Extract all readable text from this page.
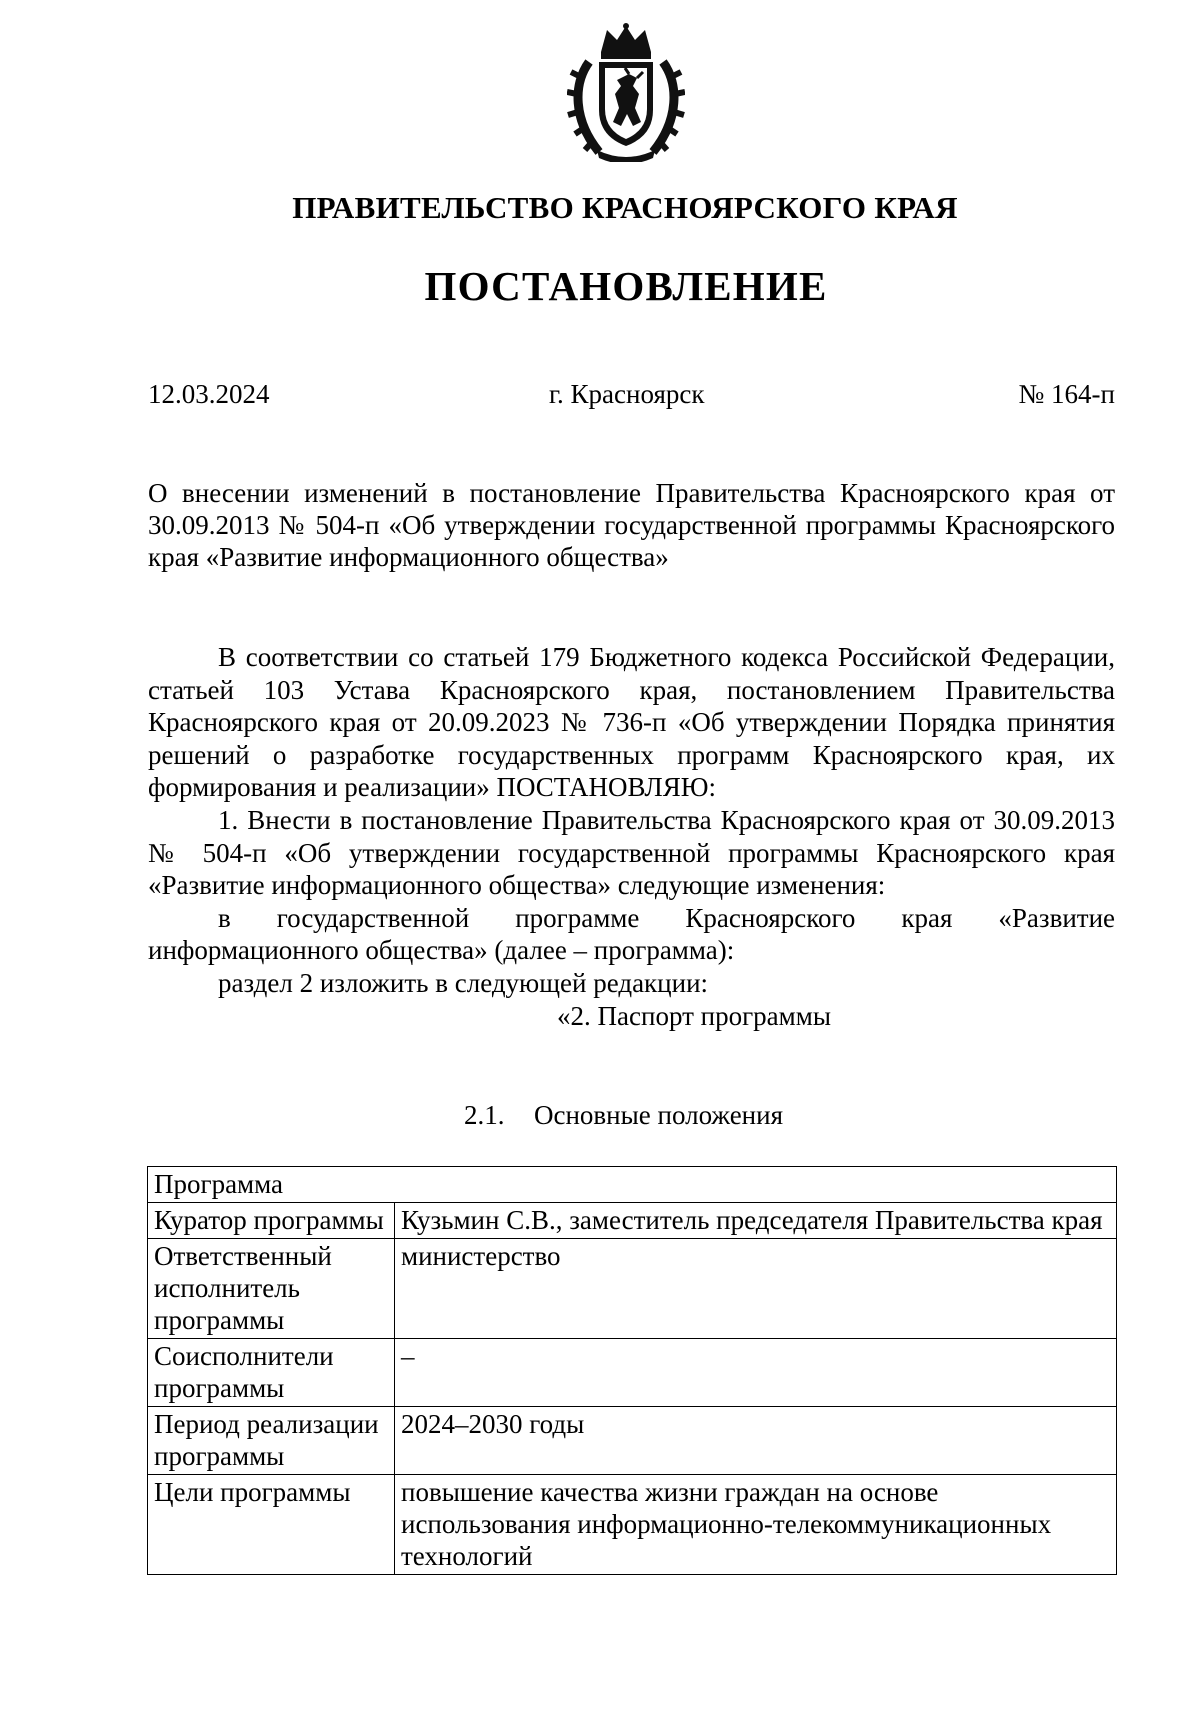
ПРАВИТЕЛЬСТВО КРАСНОЯРСКОГО КРАЯ
ПОСТАНОВЛЕНИЕ
12.03.2024	г. Красноярск	№ 164-п
О внесении изменений в постановление Правительства Красноярского края от 30.09.2013 № 504-п «Об утверждении государственной программы Красноярского края «Развитие информационного общества»

В соответствии со статьей 179 Бюджетного кодекса Российской Федерации, статьей 103 Устава Красноярского края, постановлением Правительства Красноярского края от 20.09.2023 № 736-п «Об утверждении Порядка принятия решений о разработке государственных программ Красноярского края, их формирования и реализации» ПОСТАНОВЛЯЮ:

1. Внести в постановление Правительства Красноярского края от 30.09.2013 № 504-п «Об утверждении государственной программы Красноярского края «Развитие информационного общества» следующие изменения:

в государственной программе Красноярского края «Развитие информационного общества» (далее – программа):

раздел 2 изложить в следующей редакции:

«2. Паспорт программы

2.1. Основные положения
Программа	
Куратор программы	Кузьмин С.В., заместитель председателя Правительства края
Ответственный исполнитель программы	министерство
Соисполнители программы	–
Период реализации программы	2024–2030 годы
Цели программы	повышение качества жизни граждан на основе использования информационно-телекоммуникационных технологий
